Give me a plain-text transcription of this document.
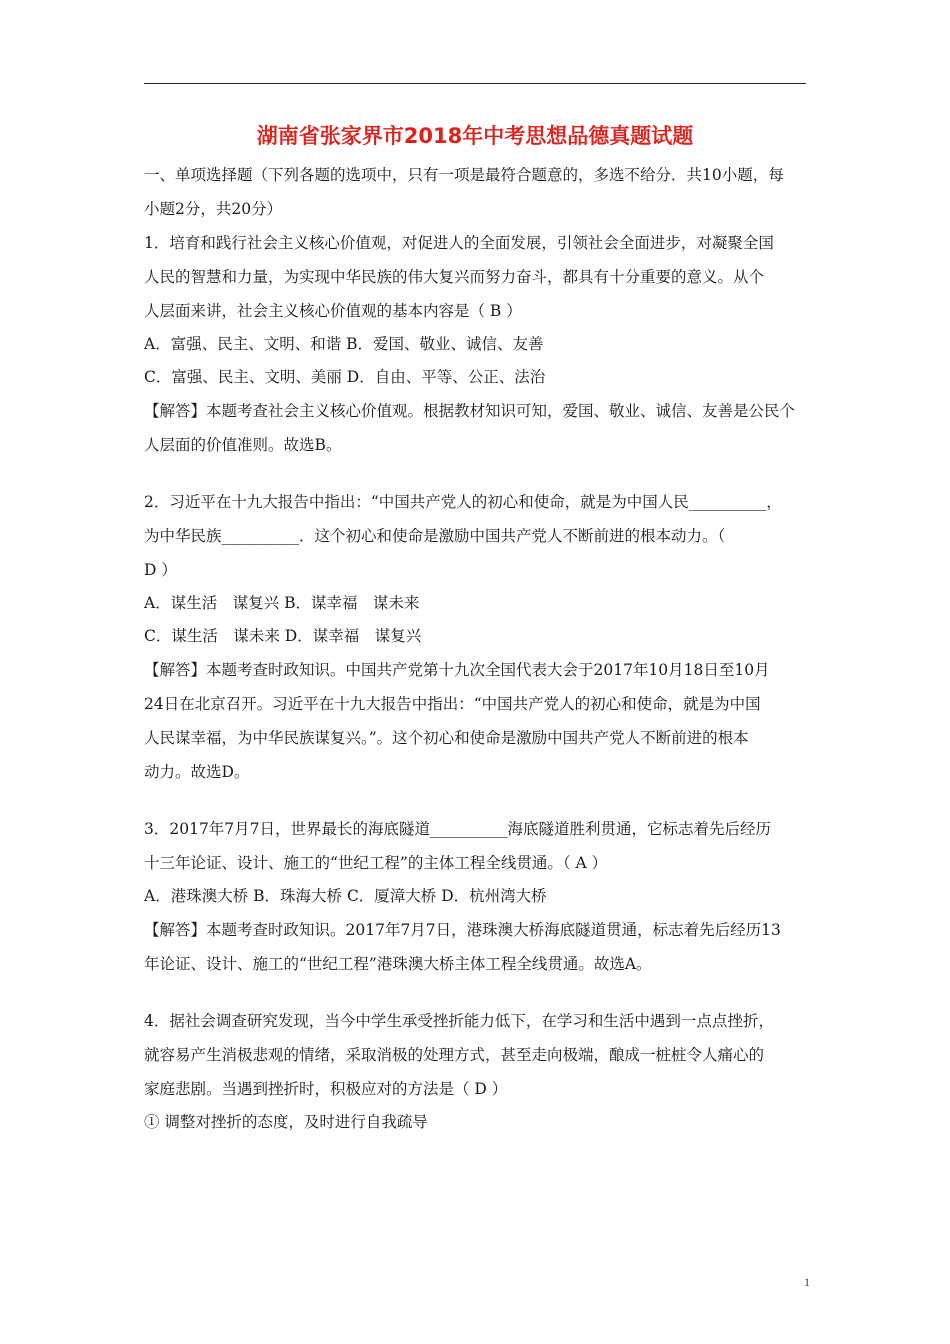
湖南省张家界市2018年中考思想品德真题试题
一、单项选择题（下列各题的选项中，只有一项是最符合题意的，多选不给分．共10小题，每
小题2分，共20分）
1．培育和践行社会主义核心价值观，对促进人的全面发展，引领社会全面进步，对凝聚全国
人民的智慧和力量，为实现中华民族的伟大复兴而努力奋斗，都具有十分重要的意义。从个
人层面来讲，社会主义核心价值观的基本内容是（ B ）
A．富强、民主、文明、和谐 B．爱国、敬业、诚信、友善
C．富强、民主、文明、美丽 D．自由、平等、公正、法治
【解答】本题考查社会主义核心价值观。根据教材知识可知，爱国、敬业、诚信、友善是公民个
人层面的价值准则。故选B。
2．习近平在十九大报告中指出：“中国共产党人的初心和使命，就是为中国人民__________，
为中华民族__________．这个初心和使命是激励中国共产党人不断前进的根本动力。（
D ）
A．谋生活　谋复兴 B．谋幸福　谋未来
C．谋生活　谋未来 D．谋幸福　谋复兴
【解答】本题考查时政知识。中国共产党第十九次全国代表大会于2017年10月18日至10月
24日在北京召开。习近平在十九大报告中指出：“中国共产党人的初心和使命，就是为中国
人民谋幸福，为中华民族谋复兴。”。这个初心和使命是激励中国共产党人不断前进的根本
动力。故选D。
3．2017年7月7日，世界最长的海底隧道__________海底隧道胜利贯通，它标志着先后经历
十三年论证、设计、施工的“世纪工程”的主体工程全线贯通。（ A ）
A．港珠澳大桥 B．珠海大桥 C．厦漳大桥 D．杭州湾大桥
【解答】本题考查时政知识。2017年7月7日，港珠澳大桥海底隧道贯通，标志着先后经历13
年论证、设计、施工的“世纪工程”港珠澳大桥主体工程全线贯通。故选A。
4．据社会调查研究发现，当今中学生承受挫折能力低下，在学习和生活中遇到一点点挫折，
就容易产生消极悲观的情绪，采取消极的处理方式，甚至走向极端，酿成一桩桩令人痛心的
家庭悲剧。当遇到挫折时，积极应对的方法是（ D ）
① 调整对挫折的态度，及时进行自我疏导
1
